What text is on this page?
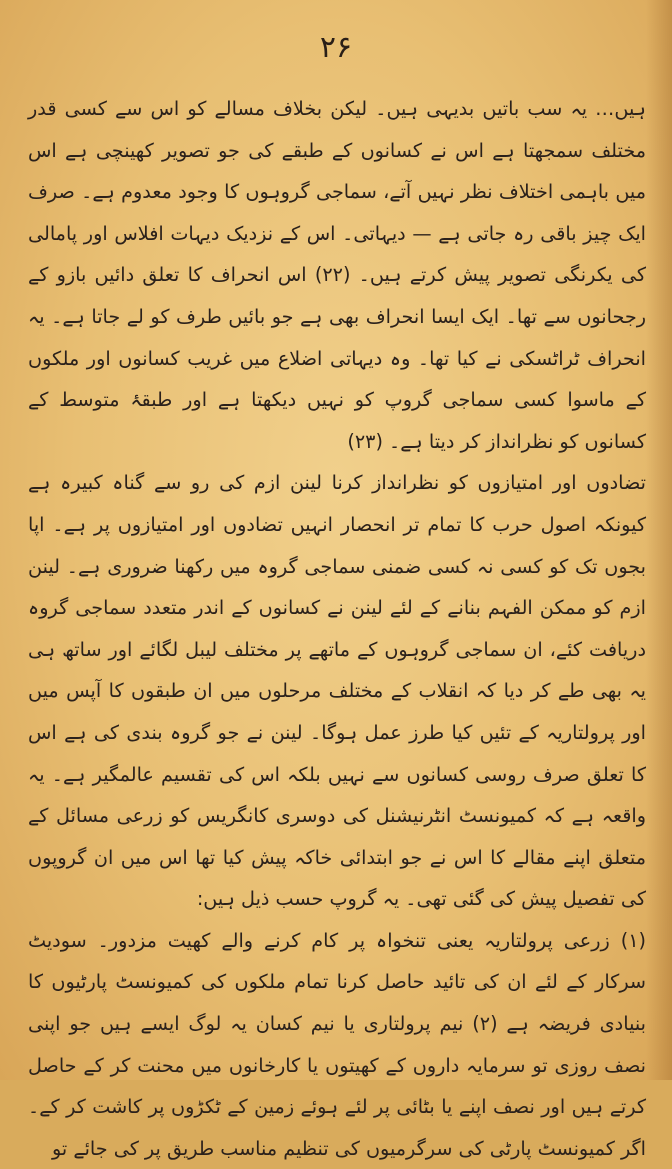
۲۶

ہیں… یہ سب باتیں بدیہی ہیں۔ لیکن بخلاف مسالے کو اس سے کسی قدر مختلف سمجھتا ہے اس نے کسانوں کے طبقے کی جو تصویر کھینچی ہے اس میں باہمی اختلاف نظر نہیں آتے، سماجی گروہوں کا وجود معدوم ہے۔ صرف ایک چیز باقی رہ جاتی ہے — دیہاتی۔ اس کے نزدیک دیہات افلاس اور پامالی کی یکرنگی تصویر پیش کرتے ہیں۔ (۲۲) اس انحراف کا تعلق دائیں بازو کے رجحانوں سے تھا۔ ایک ایسا انحراف بھی ہے جو بائیں طرف کو لے جاتا ہے۔ یہ انحراف ٹراٹسکی نے کیا تھا۔ وہ دیہاتی اضلاع میں غریب کسانوں اور ملکوں کے ماسوا کسی سماجی گروپ کو نہیں دیکھتا ہے اور طبقۂ متوسط کے کسانوں کو نظرانداز کر دیتا ہے۔ (۲۳)

تضادوں اور امتیازوں کو نظرانداز کرنا لینن ازم کی رو سے گناہ کبیرہ ہے کیونکہ اصول حرب کا تمام تر انحصار انہیں تضادوں اور امتیازوں پر ہے۔ اپا بجوں تک کو کسی نہ کسی ضمنی سماجی گروہ میں رکھنا ضروری ہے۔ لینن ازم کو ممکن الفہم بنانے کے لئے لینن نے کسانوں کے اندر متعدد سماجی گروہ دریافت کئے، ان سماجی گروہوں کے ماتھے پر مختلف لیبل لگائے اور ساتھ ہی یہ بھی طے کر دیا کہ انقلاب کے مختلف مرحلوں میں ان طبقوں کا آپس میں اور پرولتاریہ کے تئیں کیا طرز عمل ہوگا۔ لینن نے جو گروہ بندی کی ہے اس کا تعلق صرف روسی کسانوں سے نہیں بلکہ اس کی تقسیم عالمگیر ہے۔ یہ واقعہ ہے کہ کمیونسٹ انٹرنیشنل کی دوسری کانگریس کو زرعی مسائل کے متعلق اپنے مقالے کا اس نے جو ابتدائی خاکہ پیش کیا تھا اس میں ان گروپوں کی تفصیل پیش کی گئی تھی۔ یہ گروپ حسب ذیل ہیں:

(۱) زرعی پرولتاریہ یعنی تنخواہ پر کام کرنے والے کھیت مزدور۔ سودیٹ سرکار کے لئے ان کی تائید حاصل کرنا تمام ملکوں کی کمیونسٹ پارٹیوں کا بنیادی فریضہ ہے (۲) نیم پرولتاری یا نیم کسان یہ لوگ ایسے ہیں جو اپنی نصف روزی تو سرمایہ داروں کے کھیتوں یا کارخانوں میں محنت کر کے حاصل کرتے ہیں اور نصف اپنے یا بٹائی پر لئے ہوئے زمین کے ٹکڑوں پر کاشت کر کے۔ اگر کمیونسٹ پارٹی کی سرگرمیوں کی تنظیم مناسب طریق پر کی جائے تو
